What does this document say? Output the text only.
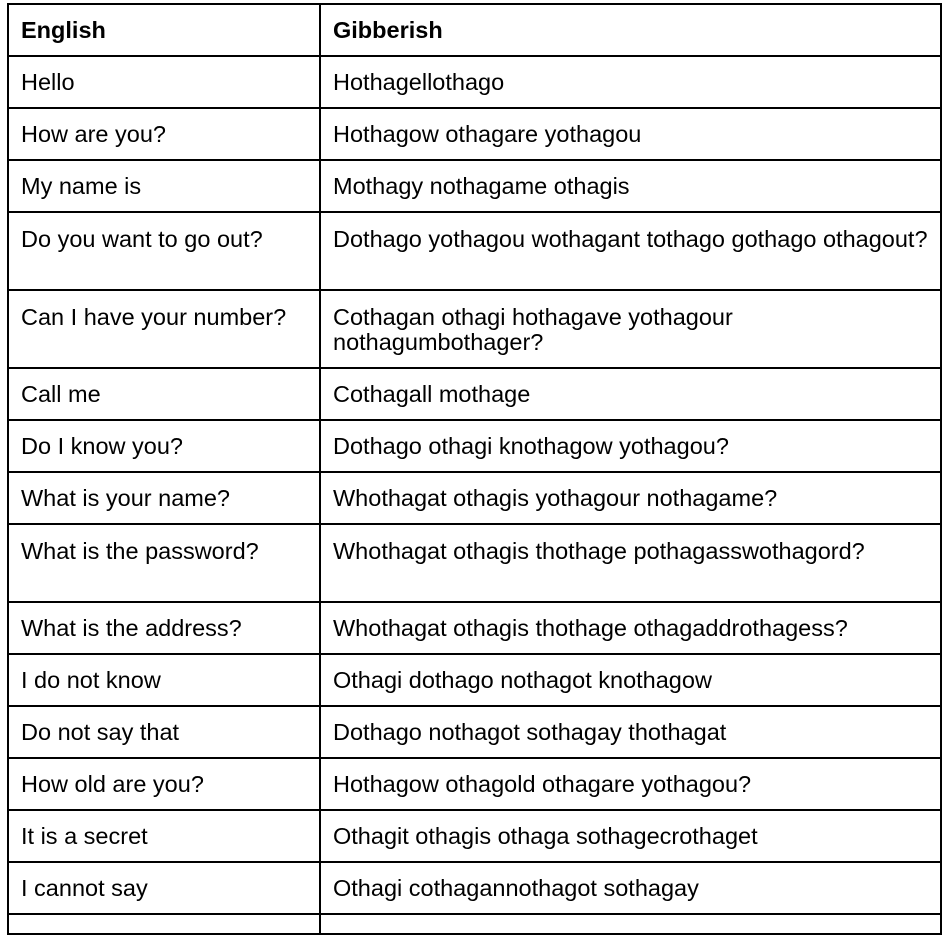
English	Gibberish
Hello	Hothagellothago
How are you?	Hothagow othagare yothagou
My name is	Mothagy nothagame othagis
Do you want to go out?	Dothago yothagou wothagant tothago gothago othagout?
Can I have your number?	Cothagan othagi hothagave yothagour nothagumbothager?
Call me	Cothagall mothage
Do I know you?	Dothago othagi knothagow yothagou?
What is your name?	Whothagat othagis yothagour nothagame?
What is the password?	Whothagat othagis thothage pothagasswothagord?
What is the address?	Whothagat othagis thothage othagaddrothagess?
I do not know	Othagi dothago nothagot knothagow
Do not say that	Dothago nothagot sothagay thothagat
How old are you?	Hothagow othagold othagare yothagou?
It is a secret	Othagit othagis othaga sothagecrothaget
I cannot say	Othagi cothagannothagot sothagay
